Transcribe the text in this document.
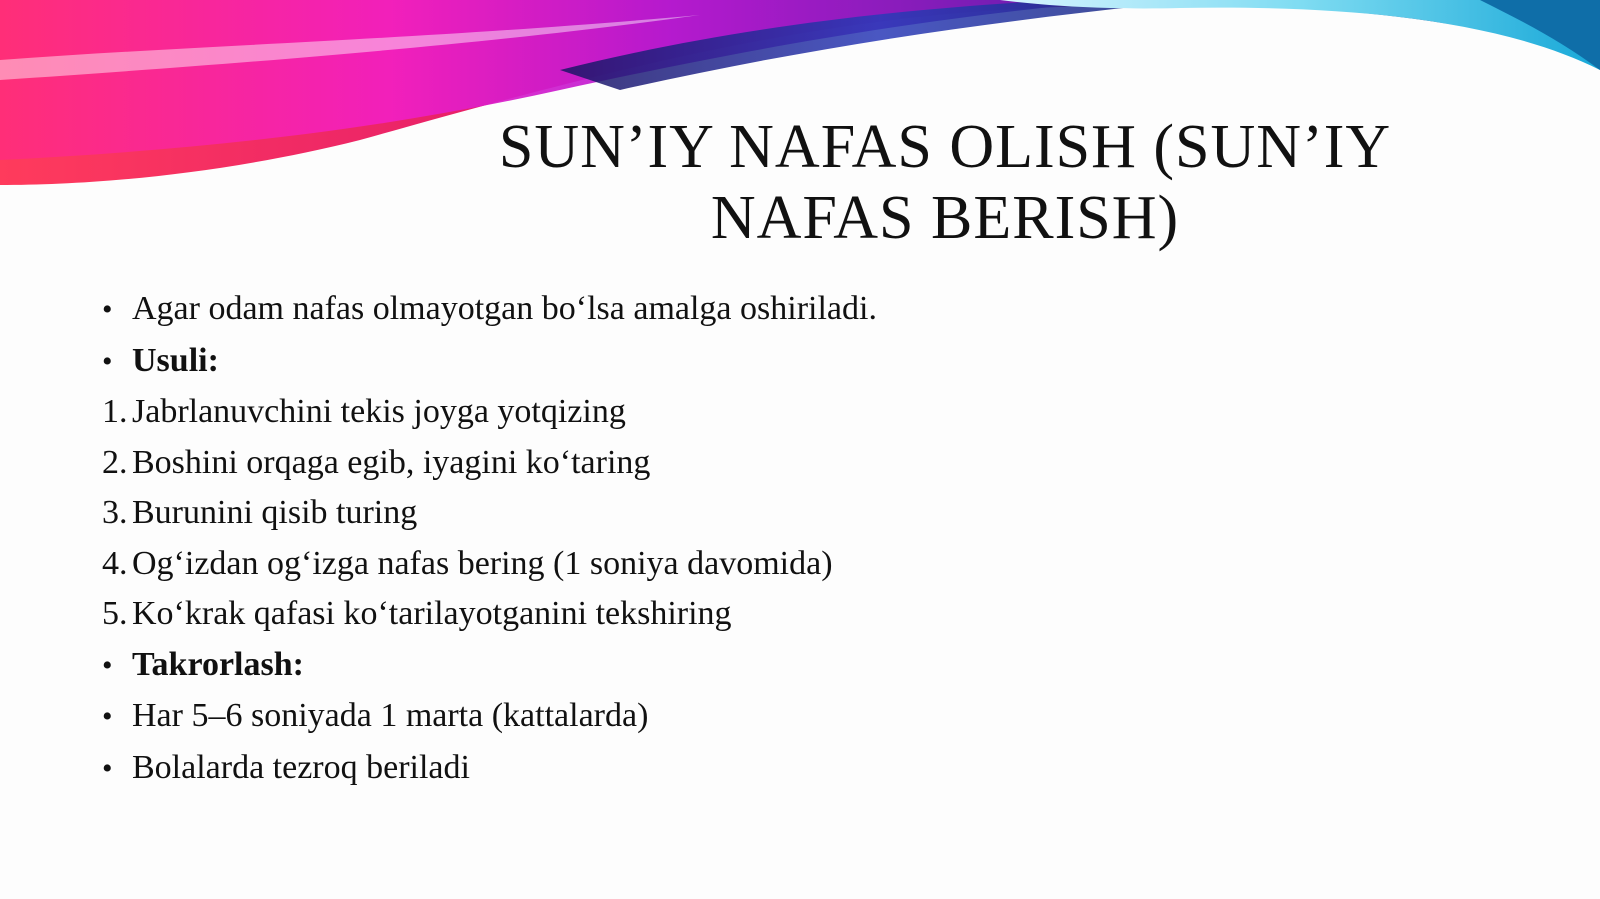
SUN’IY NAFAS OLISH (SUN’IY
NAFAS BERISH)
• Agar odam nafas olmayotgan bo‘lsa amalga oshiriladi.
• Usuli:
1. Jabrlanuvchini tekis joyga yotqizing
2. Boshini orqaga egib, iyagini ko‘taring
3. Burunini qisib turing
4. Og‘izdan og‘izga nafas bering (1 soniya davomida)
5. Ko‘krak qafasi ko‘tarilayotganini tekshiring
• Takrorlash:
• Har 5–6 soniyada 1 marta (kattalarda)
• Bolalarda tezroq beriladi
